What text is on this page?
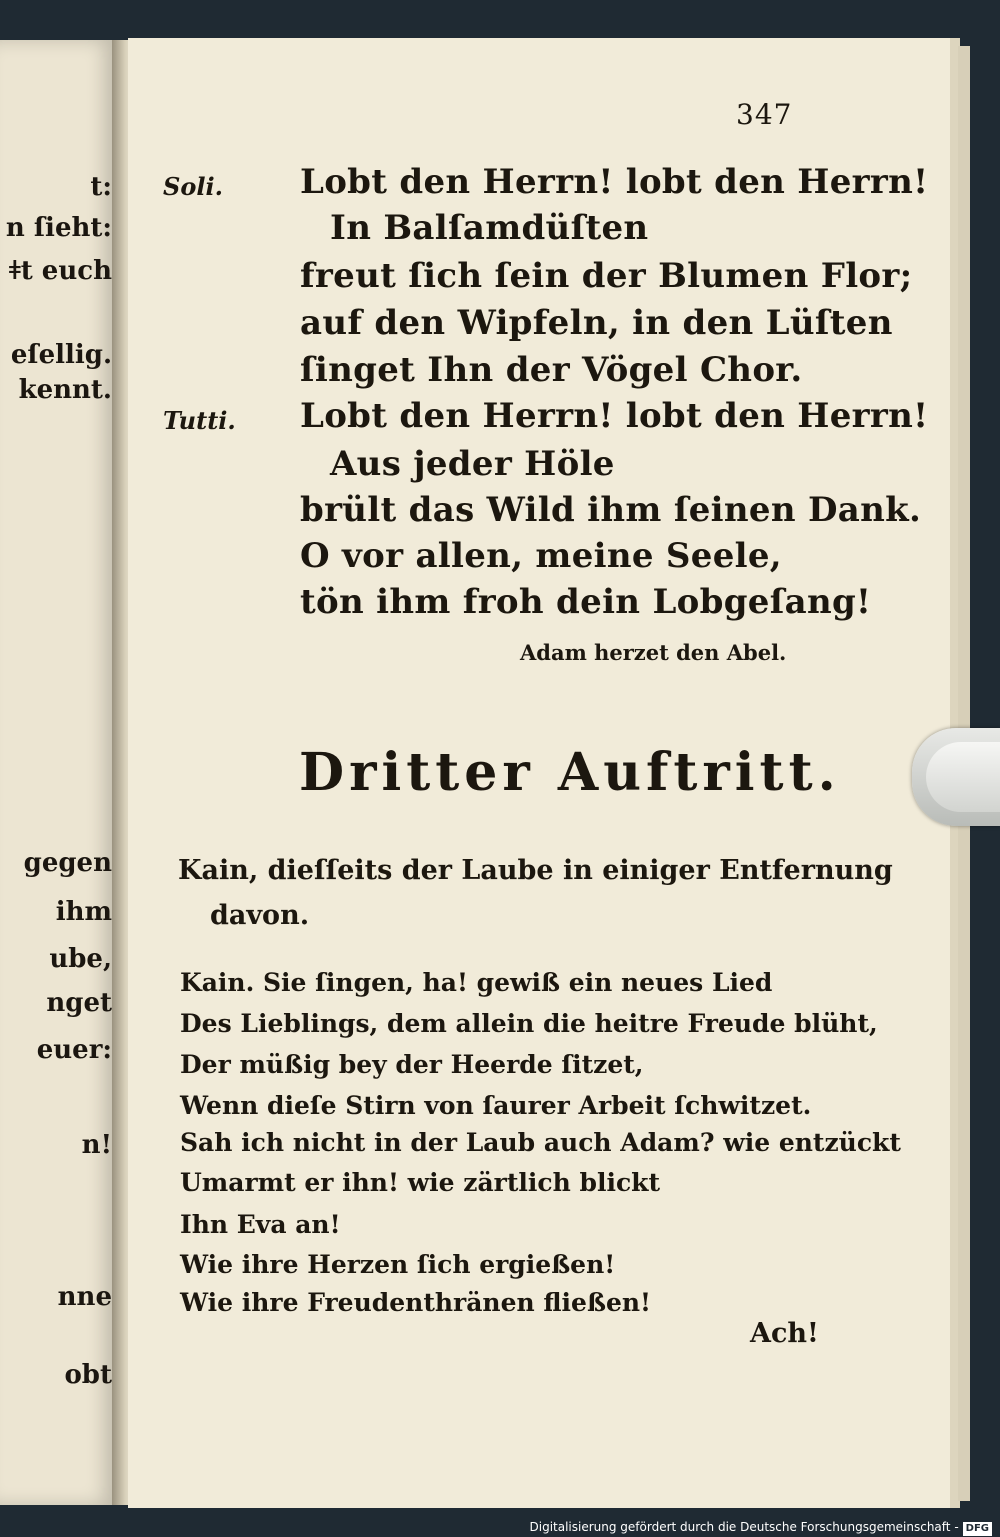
t:
n ſieht:
ǂt euch
eſellig.
kennt.
gegen
ihm
ube,
nget
euer:
n!
nne
obt
347
Soli. Lobt den Herrn! lobt den Herrn!
In Balſamdüſten
freut ſich ſein der Blumen Flor;
auf den Wipfeln, in den Lüſten
ſinget Ihn der Vögel Chor.
Tutti. Lobt den Herrn! lobt den Herrn!
Aus jeder Höle
brült das Wild ihm ſeinen Dank.
O vor allen, meine Seele,
tön ihm froh dein Lobgeſang!
Adam herzet den Abel.
Dritter Auftritt.
Kain, dieſſeits der Laube in einiger Entfernung
davon.
Kain. Sie ſingen, ha! gewiß ein neues Lied
Des Lieblings, dem allein die heitre Freude blüht,
Der müßig bey der Heerde ſitzet,
Wenn dieſe Stirn von ſaurer Arbeit ſchwitzet.
Sah ich nicht in der Laub auch Adam? wie entzückt
Umarmt er ihn! wie zärtlich blickt
Ihn Eva an!
Wie ihre Herzen ſich ergießen!
Wie ihre Freudenthränen fließen!
Ach!
Digitalisierung gefördert durch die Deutsche Forschungsgemeinschaft - DFG
